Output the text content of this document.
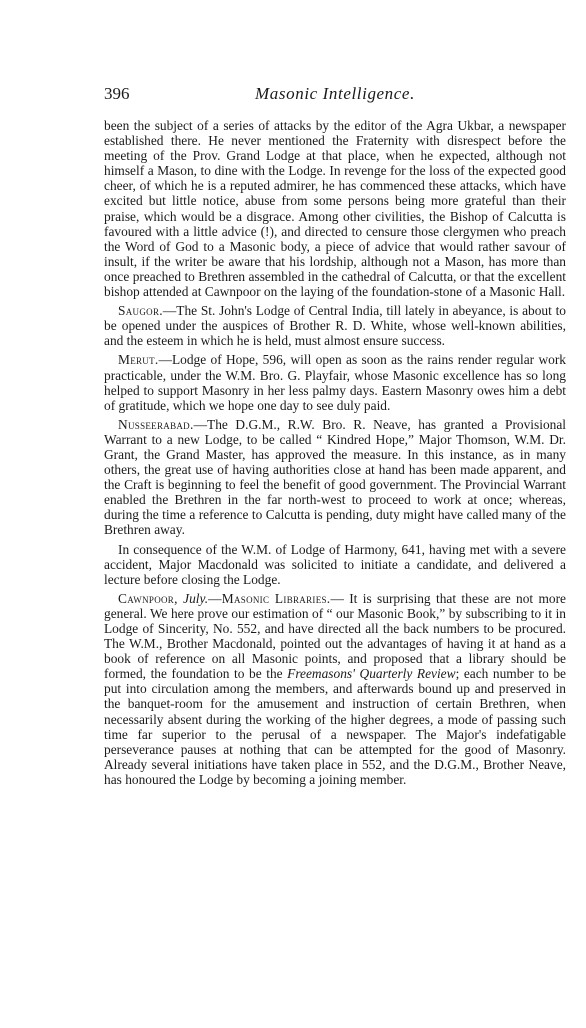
396	Masonic Intelligence.

been the subject of a series of attacks by the editor of the Agra Ukbar, a newspaper established there. He never mentioned the Fraternity with disrespect before the meeting of the Prov. Grand Lodge at that place, when he expected, although not himself a Mason, to dine with the Lodge. In revenge for the loss of the expected good cheer, of which he is a reputed admirer, he has commenced these attacks, which have excited but little notice, abuse from some persons being more grateful than their praise, which would be a disgrace. Among other civilities, the Bishop of Calcutta is favoured with a little advice (!), and directed to censure those clergymen who preach the Word of God to a Masonic body, a piece of advice that would rather savour of insult, if the writer be aware that his lordship, although not a Mason, has more than once preached to Brethren assembled in the cathedral of Calcutta, or that the excellent bishop attended at Cawnpoor on the laying of the foundation-stone of a Masonic Hall.

Saugor.—The St. John's Lodge of Central India, till lately in abeyance, is about to be opened under the auspices of Brother R. D. White, whose well-known abilities, and the esteem in which he is held, must almost ensure success.

Merut.—Lodge of Hope, 596, will open as soon as the rains render regular work practicable, under the W.M. Bro. G. Playfair, whose Masonic excellence has so long helped to support Masonry in her less palmy days. Eastern Masonry owes him a debt of gratitude, which we hope one day to see duly paid.

Nusseerabad.—The D.G.M., R.W. Bro. R. Neave, has granted a Provisional Warrant to a new Lodge, to be called “ Kindred Hope,” Major Thomson, W.M. Dr. Grant, the Grand Master, has approved the measure. In this instance, as in many others, the great use of having authorities close at hand has been made apparent, and the Craft is beginning to feel the benefit of good government. The Provincial Warrant enabled the Brethren in the far north-west to proceed to work at once; whereas, during the time a reference to Calcutta is pending, duty might have called many of the Brethren away.

In consequence of the W.M. of Lodge of Harmony, 641, having met with a severe accident, Major Macdonald was solicited to initiate a candidate, and delivered a lecture before closing the Lodge.

Cawnpoor, July.—Masonic Libraries.— It is surprising that these are not more general. We here prove our estimation of “ our Masonic Book,” by subscribing to it in Lodge of Sincerity, No. 552, and have directed all the back numbers to be procured. The W.M., Brother Macdonald, pointed out the advantages of having it at hand as a book of reference on all Masonic points, and proposed that a library should be formed, the foundation to be the Freemasons' Quarterly Review; each number to be put into circulation among the members, and afterwards bound up and preserved in the banquet-room for the amusement and instruction of certain Brethren, when necessarily absent during the working of the higher degrees, a mode of passing such time far superior to the perusal of a newspaper. The Major's indefatigable perseverance pauses at nothing that can be attempted for the good of Masonry. Already several initiations have taken place in 552, and the D.G.M., Brother Neave, has honoured the Lodge by becoming a joining member.
